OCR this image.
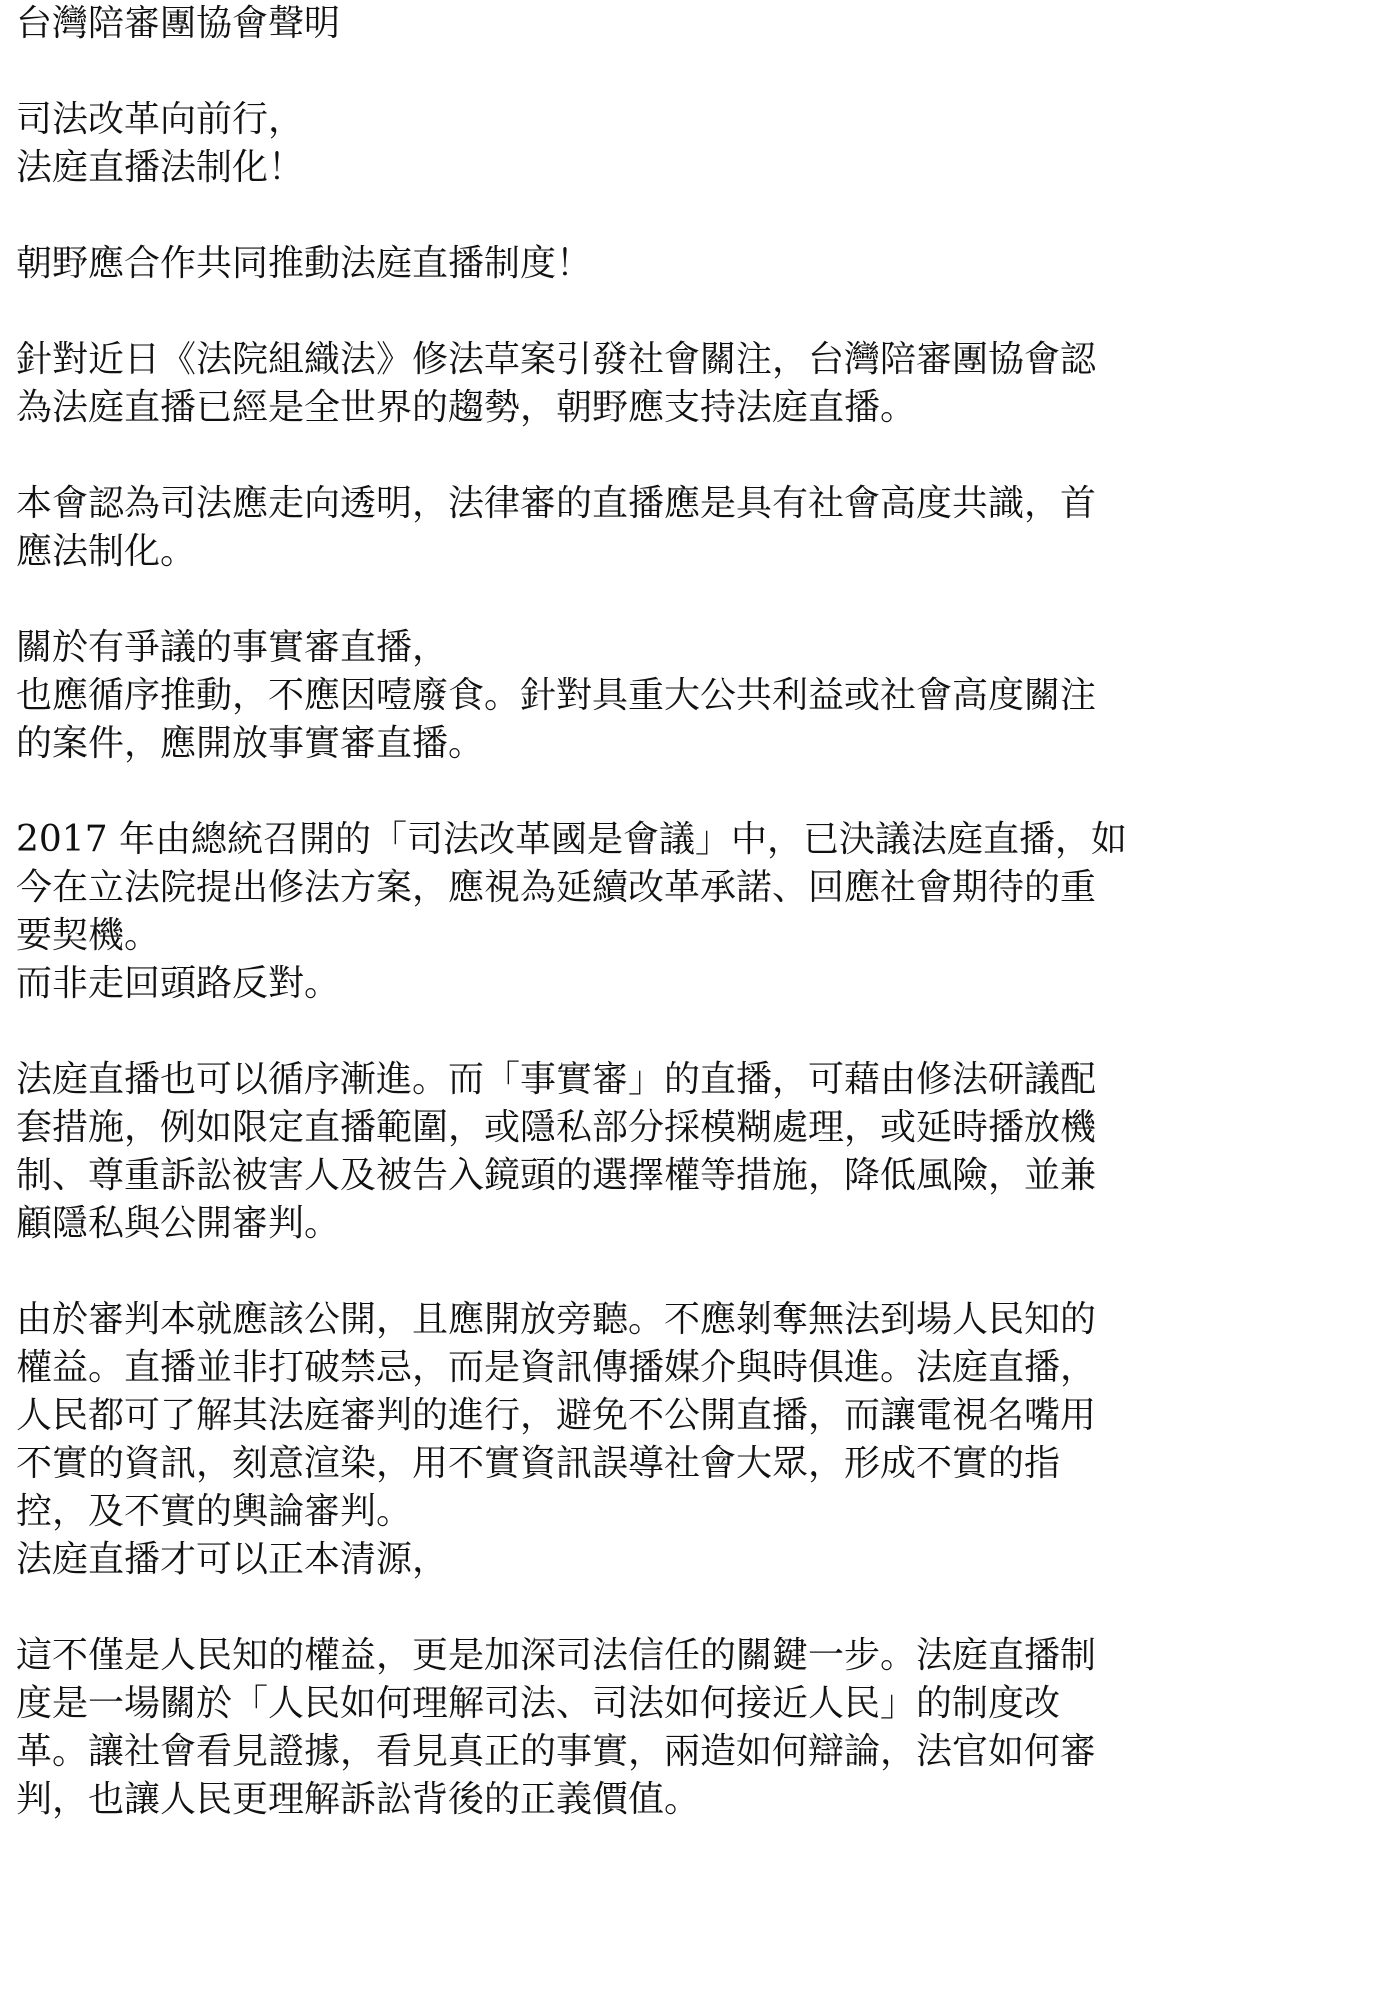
台灣陪審團協會聲明
司法改革向前行，
法庭直播法制化！
朝野應合作共同推動法庭直播制度！
針對近日《法院組織法》修法草案引發社會關注，台灣陪審團協會認
為法庭直播已經是全世界的趨勢，朝野應支持法庭直播。
本會認為司法應走向透明，法律審的直播應是具有社會高度共識，首
應法制化。
關於有爭議的事實審直播，
也應循序推動，不應因噎廢食。針對具重大公共利益或社會高度關注
的案件，應開放事實審直播。
2017 年由總統召開的「司法改革國是會議」中，已決議法庭直播，如
今在立法院提出修法方案，應視為延續改革承諾、回應社會期待的重
要契機。
而非走回頭路反對。
法庭直播也可以循序漸進。而「事實審」的直播，可藉由修法研議配
套措施，例如限定直播範圍，或隱私部分採模糊處理，或延時播放機
制、尊重訴訟被害人及被告入鏡頭的選擇權等措施，降低風險，並兼
顧隱私與公開審判。
由於審判本就應該公開，且應開放旁聽。不應剝奪無法到場人民知的
權益。直播並非打破禁忌，而是資訊傳播媒介與時俱進。法庭直播，
人民都可了解其法庭審判的進行，避免不公開直播，而讓電視名嘴用
不實的資訊，刻意渲染，用不實資訊誤導社會大眾，形成不實的指
控，及不實的輿論審判。
法庭直播才可以正本清源，
這不僅是人民知的權益，更是加深司法信任的關鍵一步。法庭直播制
度是一場關於「人民如何理解司法、司法如何接近人民」的制度改
革。讓社會看見證據，看見真正的事實，兩造如何辯論，法官如何審
判，也讓人民更理解訴訟背後的正義價值。
